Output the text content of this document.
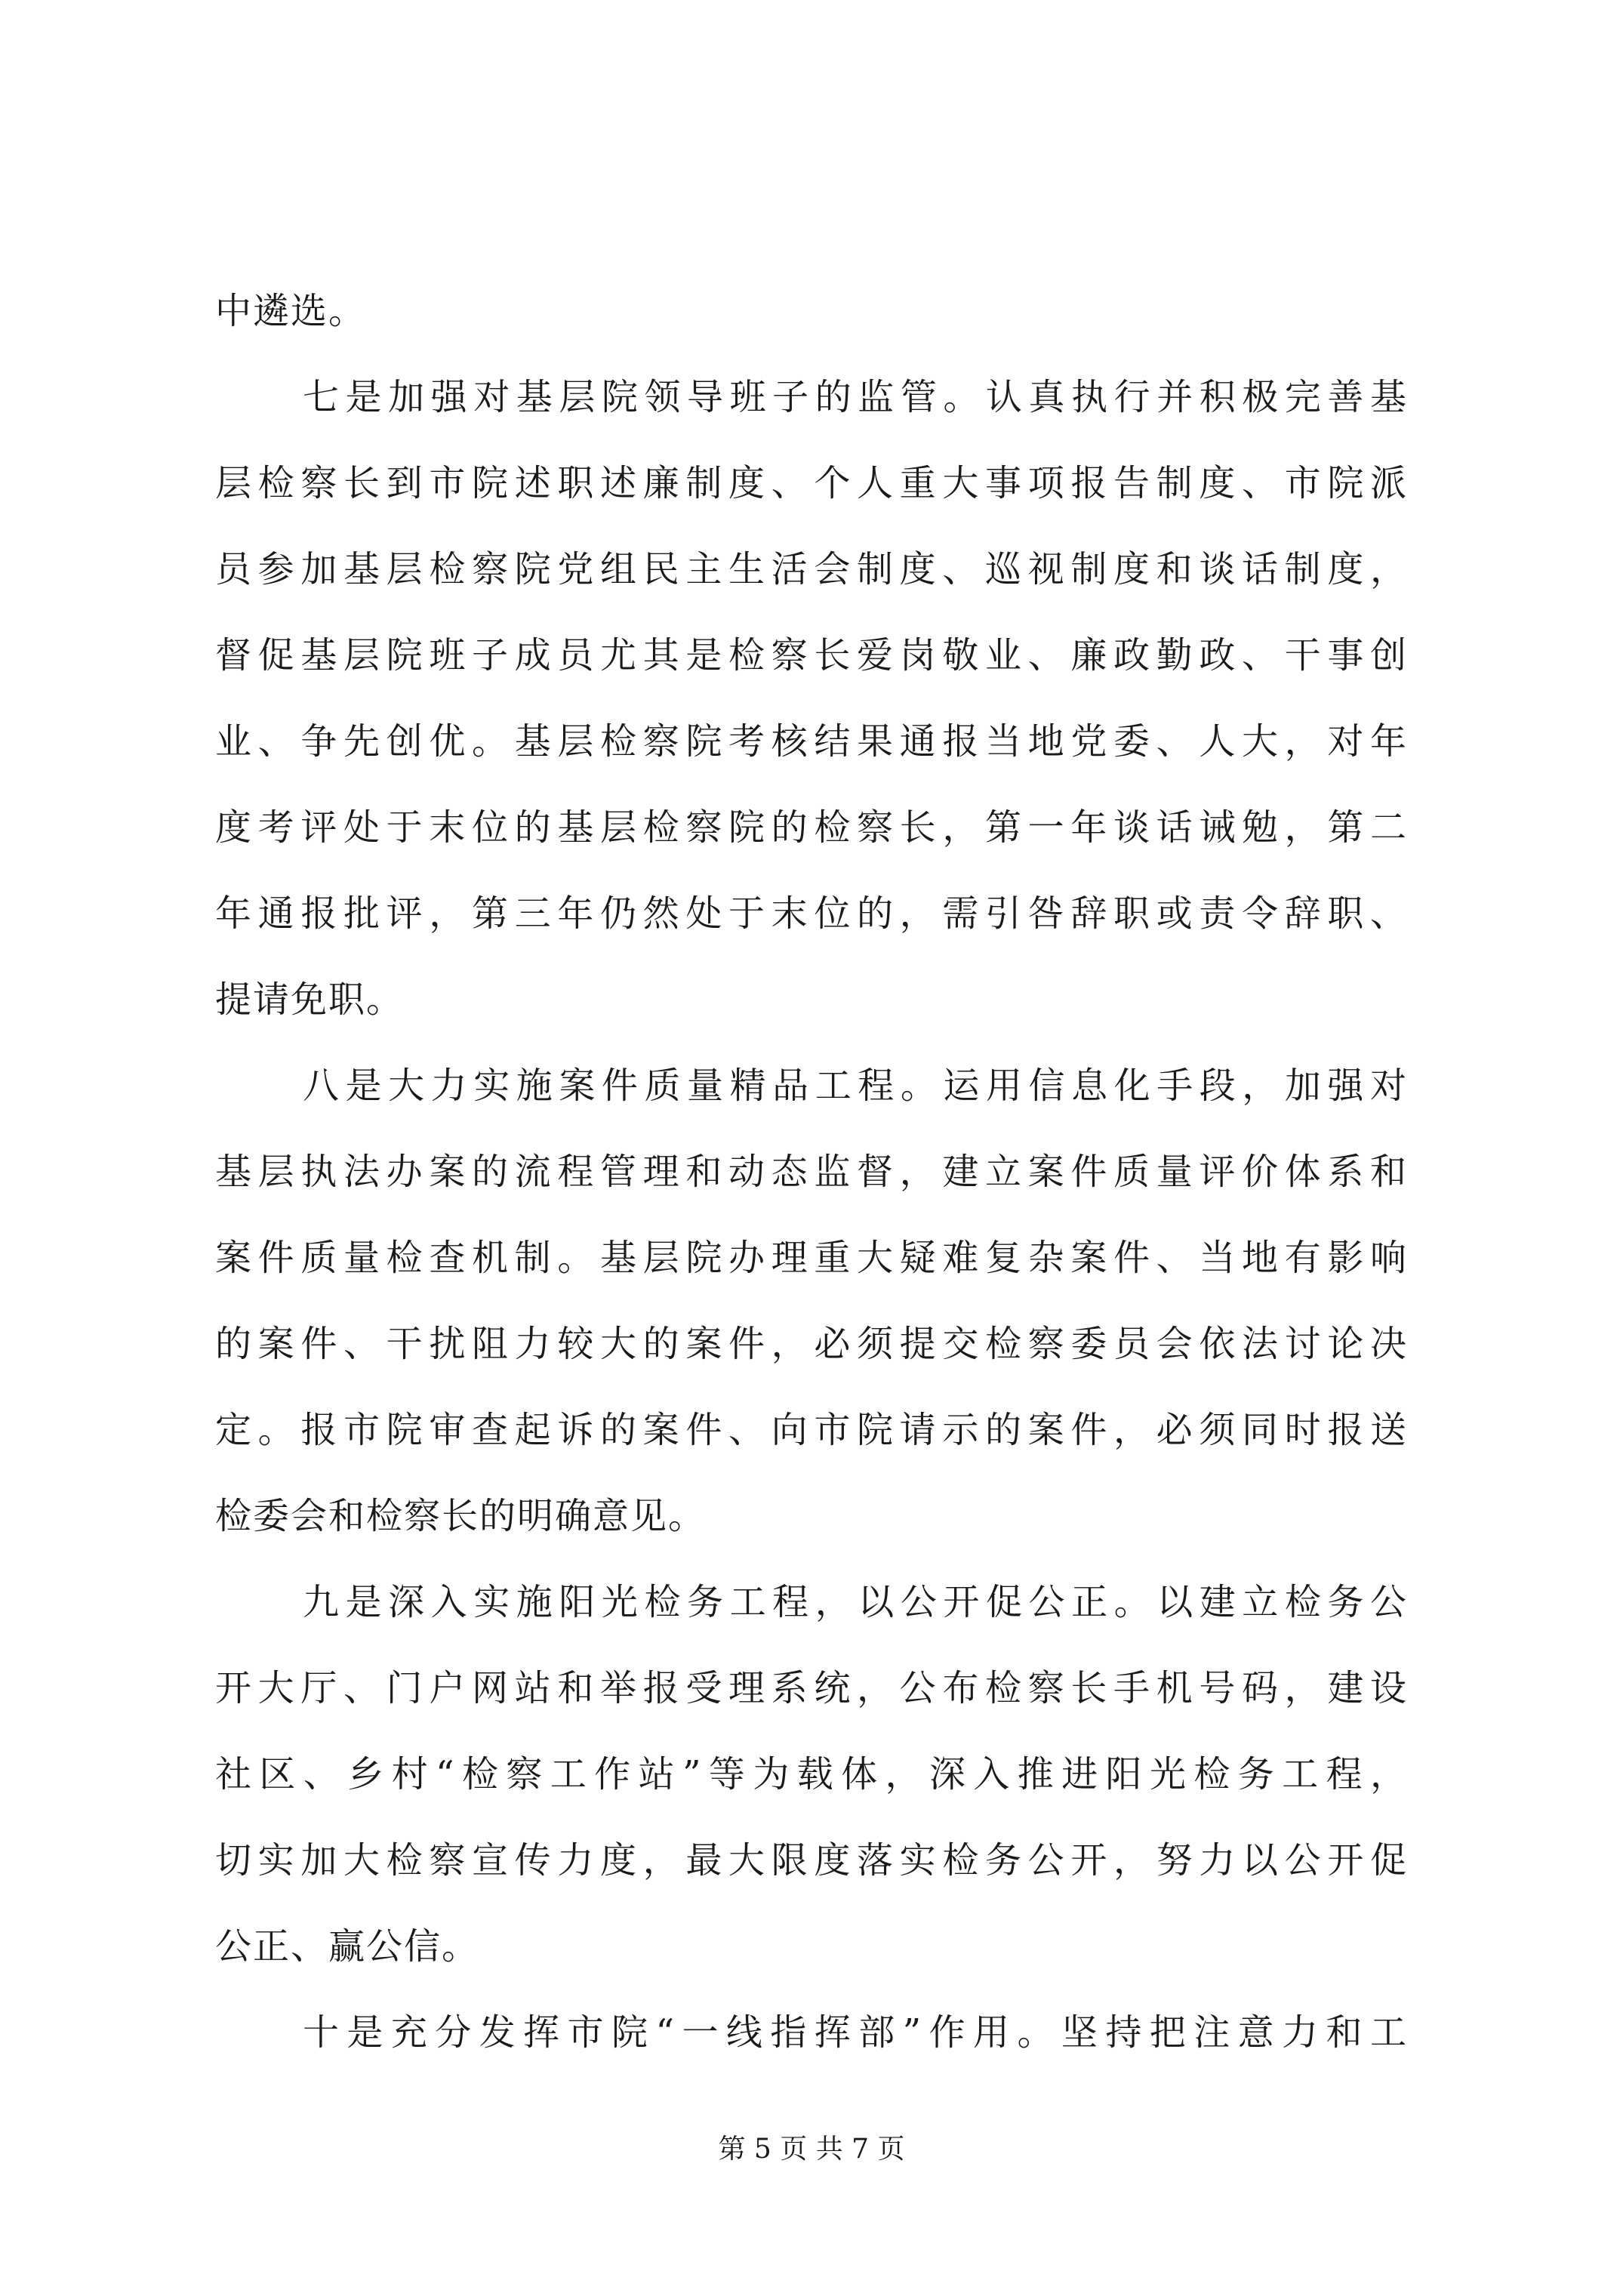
中遴选。
七是加强对基层院领导班子的监管。认真执行并积极完善基
层检察长到市院述职述廉制度、个人重大事项报告制度、市院派
员参加基层检察院党组民主生活会制度、巡视制度和谈话制度，
督促基层院班子成员尤其是检察长爱岗敬业、廉政勤政、干事创
业、争先创优。基层检察院考核结果通报当地党委、人大，对年
度考评处于末位的基层检察院的检察长，第一年谈话诫勉，第二
年通报批评，第三年仍然处于末位的，需引咎辞职或责令辞职、
提请免职。
八是大力实施案件质量精品工程。运用信息化手段，加强对
基层执法办案的流程管理和动态监督，建立案件质量评价体系和
案件质量检查机制。基层院办理重大疑难复杂案件、当地有影响
的案件、干扰阻力较大的案件，必须提交检察委员会依法讨论决
定。报市院审查起诉的案件、向市院请示的案件，必须同时报送
检委会和检察长的明确意见。
九是深入实施阳光检务工程，以公开促公正。以建立检务公
开大厅、门户网站和举报受理系统，公布检察长手机号码，建设
社区、乡村“检察工作站”等为载体，深入推进阳光检务工程，
切实加大检察宣传力度，最大限度落实检务公开，努力以公开促
公正、赢公信。
十是充分发挥市院“一线指挥部”作用。坚持把注意力和工
第 5 页 共 7 页
